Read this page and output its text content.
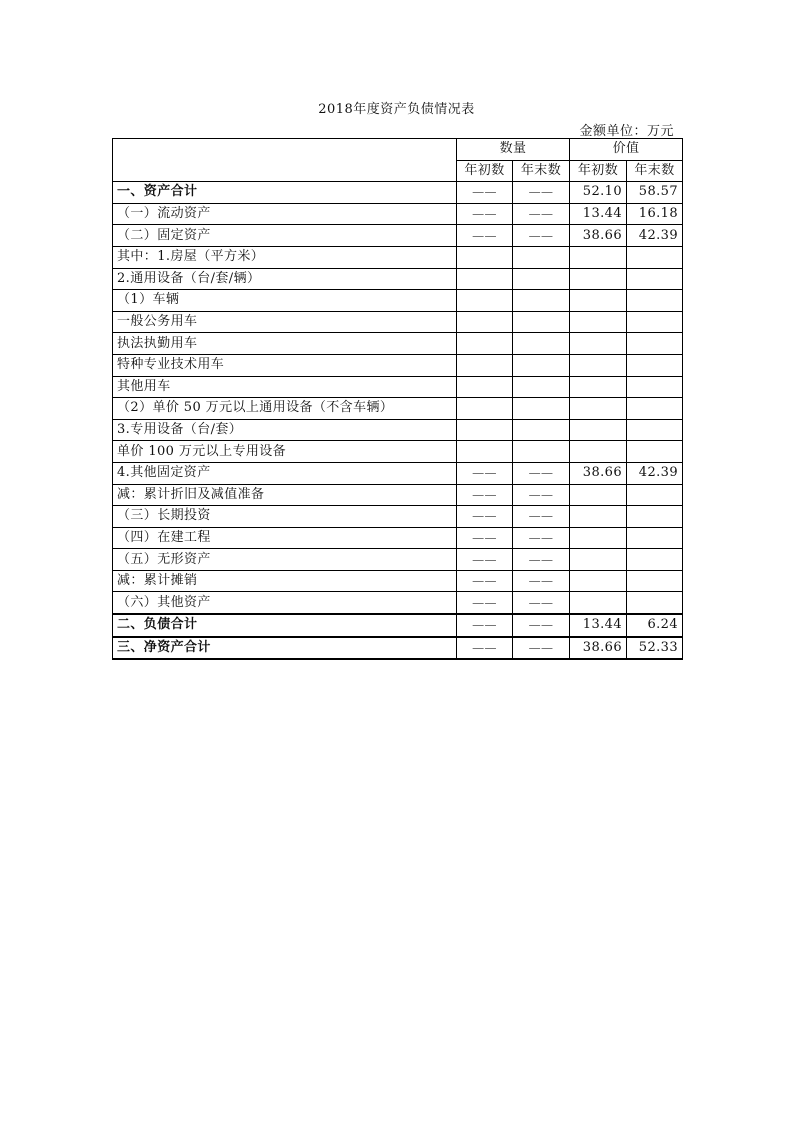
2018年度资产负债情况表
金额单位：万元
	数量		价值	
	年初数	年末数	年初数	年末数
一、资产合计	——	——	52.10	58.57
（一）流动资产	——	——	13.44	16.18
（二）固定资产	——	——	38.66	42.39
其中：1.房屋（平方米）				
2.通用设备（台/套/辆）				
（1）车辆				
一般公务用车				
执法执勤用车				
特种专业技术用车				
其他用车				
（2）单价 50 万元以上通用设备（不含车辆）				
3.专用设备（台/套）				
单价 100 万元以上专用设备				
4.其他固定资产	——	——	38.66	42.39
减：累计折旧及减值准备	——	——		
（三）长期投资	——	——		
（四）在建工程	——	——		
（五）无形资产	——	——		
减：累计摊销	——	——		
（六）其他资产	——	——		
二、负债合计	——	——	13.44	6.24
三、净资产合计	——	——	38.66	52.33
